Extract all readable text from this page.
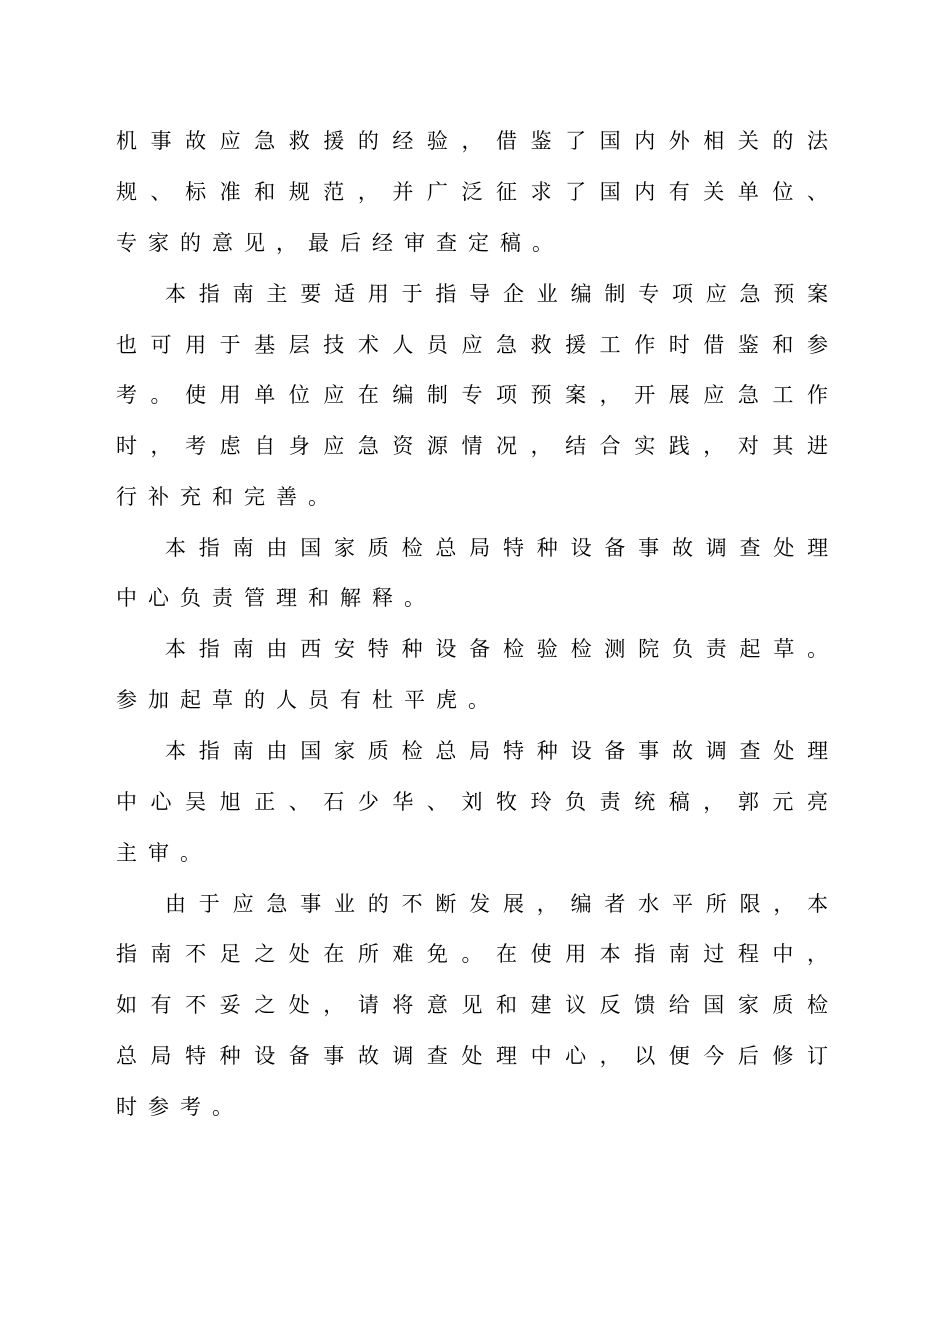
机 事 故 应 急 救 援 的 经 验 ， 借 鉴 了 国 内 外 相 关 的 法
规 、 标 准 和 规 范 ， 并 广 泛 征 求 了 国 内 有 关 单 位 、
专家的意见，最后经审查定稿。
本 指 南 主 要 适 用 于 指 导 企 业 编 制 专 项 应 急 预 案
也 可 用 于 基 层 技 术 人 员 应 急 救 援 工 作 时 借 鉴 和 参
考 。 使 用 单 位 应 在 编 制 专 项 预 案 ， 开 展 应 急 工 作
时 ， 考 虑 自 身 应 急 资 源 情 况 ， 结 合 实 践 ， 对 其 进
行补充和完善。
本 指 南 由 国 家 质 检 总 局 特 种 设 备 事 故 调 查 处 理
中心负责管理和解释。
本 指 南 由 西 安 特 种 设 备 检 验 检 测 院 负 责 起 草 。
参加起草的人员有杜平虎。
本 指 南 由 国 家 质 检 总 局 特 种 设 备 事 故 调 查 处 理
中 心 吴 旭 正 、 石 少 华 、 刘 牧 玲 负 责 统 稿 ， 郭 元 亮
主审。
由 于 应 急 事 业 的 不 断 发 展 ， 编 者 水 平 所 限 ， 本
指 南 不 足 之 处 在 所 难 免 。 在 使 用 本 指 南 过 程 中 ，
如 有 不 妥 之 处 ， 请 将 意 见 和 建 议 反 馈 给 国 家 质 检
总 局 特 种 设 备 事 故 调 查 处 理 中 心 ， 以 便 今 后 修 订
时参考。
